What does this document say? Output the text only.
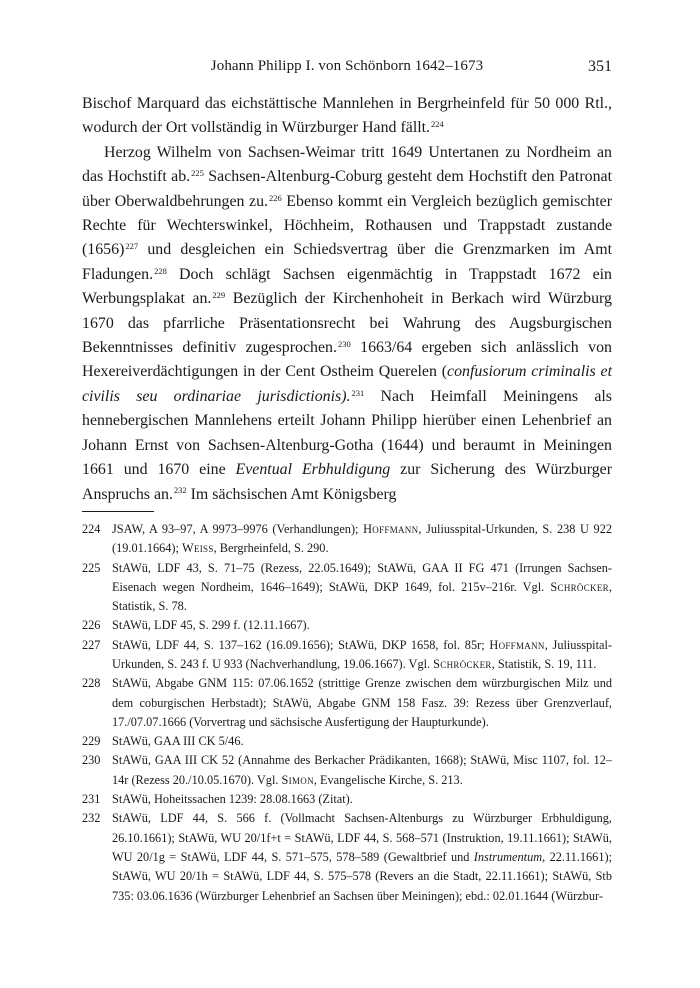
Johann Philipp I. von Schönborn 1642–1673	351

Bischof Marquard das eichstättische Mannlehen in Bergrheinfeld für 50 000 Rtl., wodurch der Ort vollständig in Würzburger Hand fällt.$^{224}$

Herzog Wilhelm von Sachsen-Weimar tritt 1649 Untertanen zu Nordheim an das Hochstift ab.$^{225}$ Sachsen-Altenburg-Coburg gesteht dem Hochstift den Patronat über Oberwaldbehrungen zu.$^{226}$ Ebenso kommt ein Vergleich bezüglich gemischter Rechte für Wechterswinkel, Höchheim, Rothausen und Trappstadt zustande $(1656)^{227}$ und desgleichen ein Schiedsvertrag über die Grenzmarken im Amt Fladungen.$^{228}$ Doch schlägt Sachsen eigenmächtig in Trappstadt 1672 ein Werbungsplakat an.$^{229}$ Bezüglich der Kirchenhoheit in Berkach wird Würzburg 1670 das pfarrliche Präsentationsrecht bei Wahrung des Augsburgischen Bekenntnisses definitiv zugesprochen.$^{230}$ 1663/64 ergeben sich anlässlich von Hexereiverdächtigungen in der Cent Ostheim Querelen (confusiorum criminalis et civilis seu ordinariae jurisdictionis).$^{231}$ Nach Heimfall Meiningens als hennebergischen Mannlehens erteilt Johann Philipp hierüber einen Lehenbrief an Johann Ernst von Sachsen-Altenburg-Gotha (1644) und beraumt in Meiningen 1661 und 1670 eine Eventual Erbhuldigung zur Sicherung des Würzburger Anspruchs an.$^{232}$ Im sächsischen Amt Königsberg

224 JSAW, A 93–97, A 9973–9976 (Verhandlungen); Hoffmann, Juliusspital-Urkunden, S. 238 U 922 (19.01.1664); Weiss, Bergrheinfeld, S. 290.
225 StAWü, LDF 43, S. 71–75 (Rezess, 22.05.1649); StAWü, GAA II FG 471 (Irrungen Sachsen-Eisenach wegen Nordheim, 1646–1649); StAWü, DKP 1649, fol. 215v–216r. Vgl. Schröcker, Statistik, S. 78.
226 StAWü, LDF 45, S. 299 f. (12.11.1667).
227 StAWü, LDF 44, S. 137–162 (16.09.1656); StAWü, DKP 1658, fol. 85r; Hoffmann, Juliusspital-Urkunden, S. 243 f. U 933 (Nachverhandlung, 19.06.1667). Vgl. Schröcker, Statistik, S. 19, 111.
228 StAWü, Abgabe GNM 115: 07.06.1652 (strittige Grenze zwischen dem würzburgischen Milz und dem coburgischen Herbstadt); StAWü, Abgabe GNM 158 Fasz. 39: Rezess über Grenzverlauf, 17./07.07.1666 (Vorvertrag und sächsische Ausfertigung der Haupturkunde).
229 StAWü, GAA III CK 5/46.
230 StAWü, GAA III CK 52 (Annahme des Berkacher Prädikanten, 1668); StAWü, Misc 1107, fol. 12–14r (Rezess 20./10.05.1670). Vgl. Simon, Evangelische Kirche, S. 213.
231 StAWü, Hoheitssachen 1239: 28.08.1663 (Zitat).
232 StAWü, LDF 44, S. 566 f. (Vollmacht Sachsen-Altenburgs zu Würzburger Erbhuldigung, 26.10.1661); StAWü, WU 20/1f+t = StAWü, LDF 44, S. 568–571 (Instruktion, 19.11.1661); StAWü, WU 20/1g = StAWü, LDF 44, S. 571–575, 578–589 (Gewaltbrief und Instrumentum, 22.11.1661); StAWü, WU 20/1h = StAWü, LDF 44, S. 575–578 (Revers an die Stadt, 22.11.1661); StAWü, Stb 735: 03.06.1636 (Würzburger Lehenbrief an Sachsen über Meiningen); ebd.: 02.01.1644 (Würzbur-
